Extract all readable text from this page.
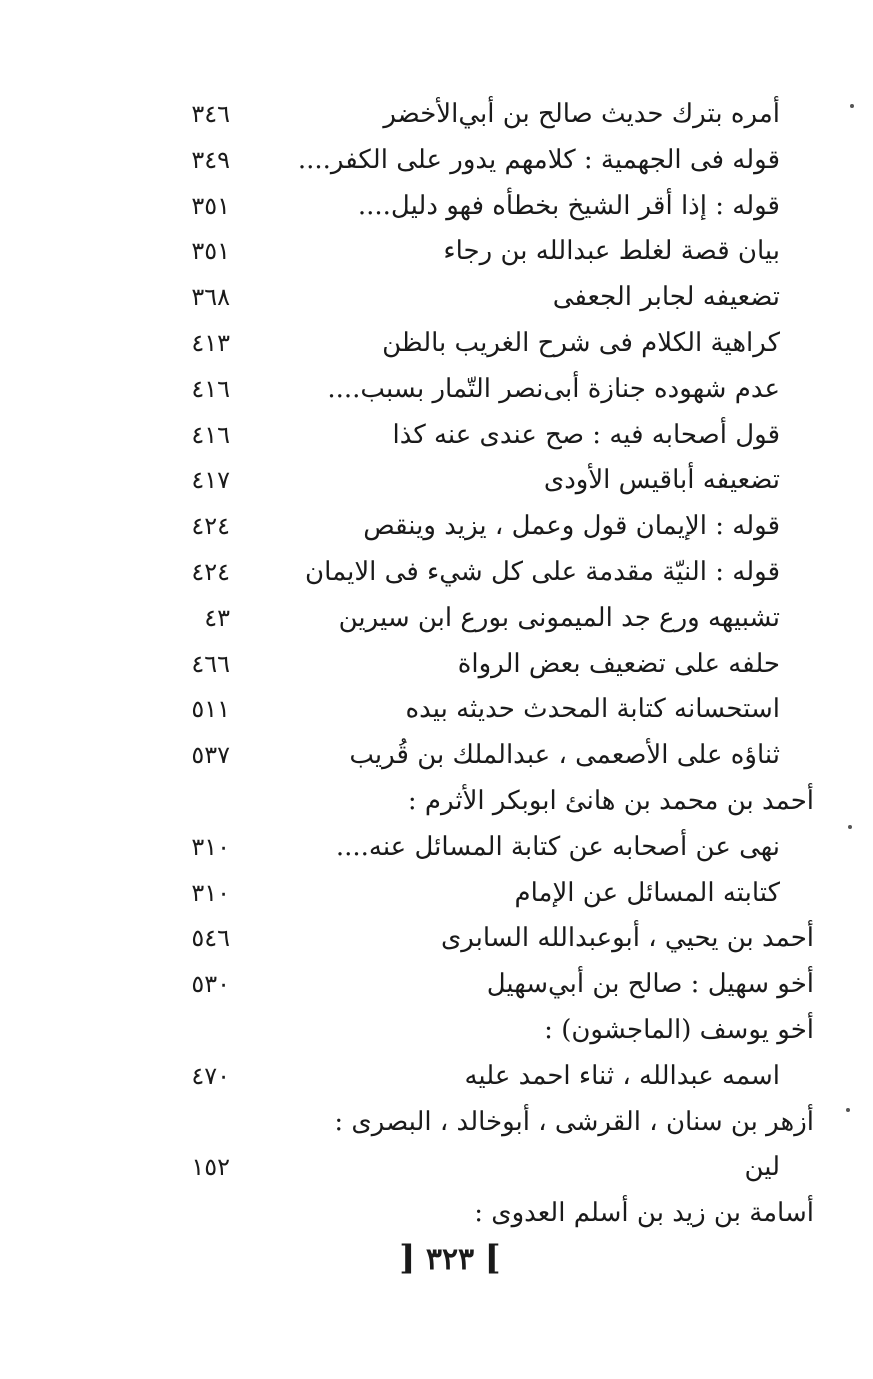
أمره بترك حديث صالح بن أبي‌الأخضر
٣٤٦
قوله فى الجهمية : كلامهم يدور على الكفر....
٣٤٩
قوله : إذا أقر الشيخ بخطأه فهو دليل....
٣٥١
بيان قصة لغلط عبدالله بن رجاء
٣٥١
تضعيفه لجابر الجعفى
٣٦٨
كراهية الكلام فى شرح الغريب بالظن
٤١٣
عدم شهوده جنازة أبى‌نصر التّمار بسبب....
٤١٦
قول أصحابه فيه : صح عندى عنه كذا
٤١٦
تضعيفه أباقيس الأودى
٤١٧
قوله : الإيمان قول وعمل ، يزيد وينقص
٤٢٤
قوله : النيّة مقدمة على كل شيء فى الايمان
٤٢٤
تشبيهه ورع جد الميمونى بورع ابن سيرين
٤٣
حلفه على تضعيف بعض الرواة
٤٦٦
استحسانه كتابة المحدث حديثه بيده
٥١١
ثناؤه على الأصعمى ، عبدالملك بن قُريب
٥٣٧
أحمد بن محمد بن هانئ ابوبكر الأثرم :
نهى عن أصحابه عن كتابة المسائل عنه....
٣١٠
كتابته المسائل عن الإمام
٣١٠
أحمد بن يحيي ، أبوعبدالله السابرى
٥٤٦
أخو سهيل : صالح بن أبي‌سهيل
٥٣٠
أخو يوسف (الماجشون) :
اسمه عبدالله ، ثناء احمد عليه
٤٧٠
أزهر بن سنان ، القرشى ، أبوخالد ، البصرى :
لين
١٥٢
أسامة بن زيد بن أسلم العدوى :
] ٣٢٣ [
